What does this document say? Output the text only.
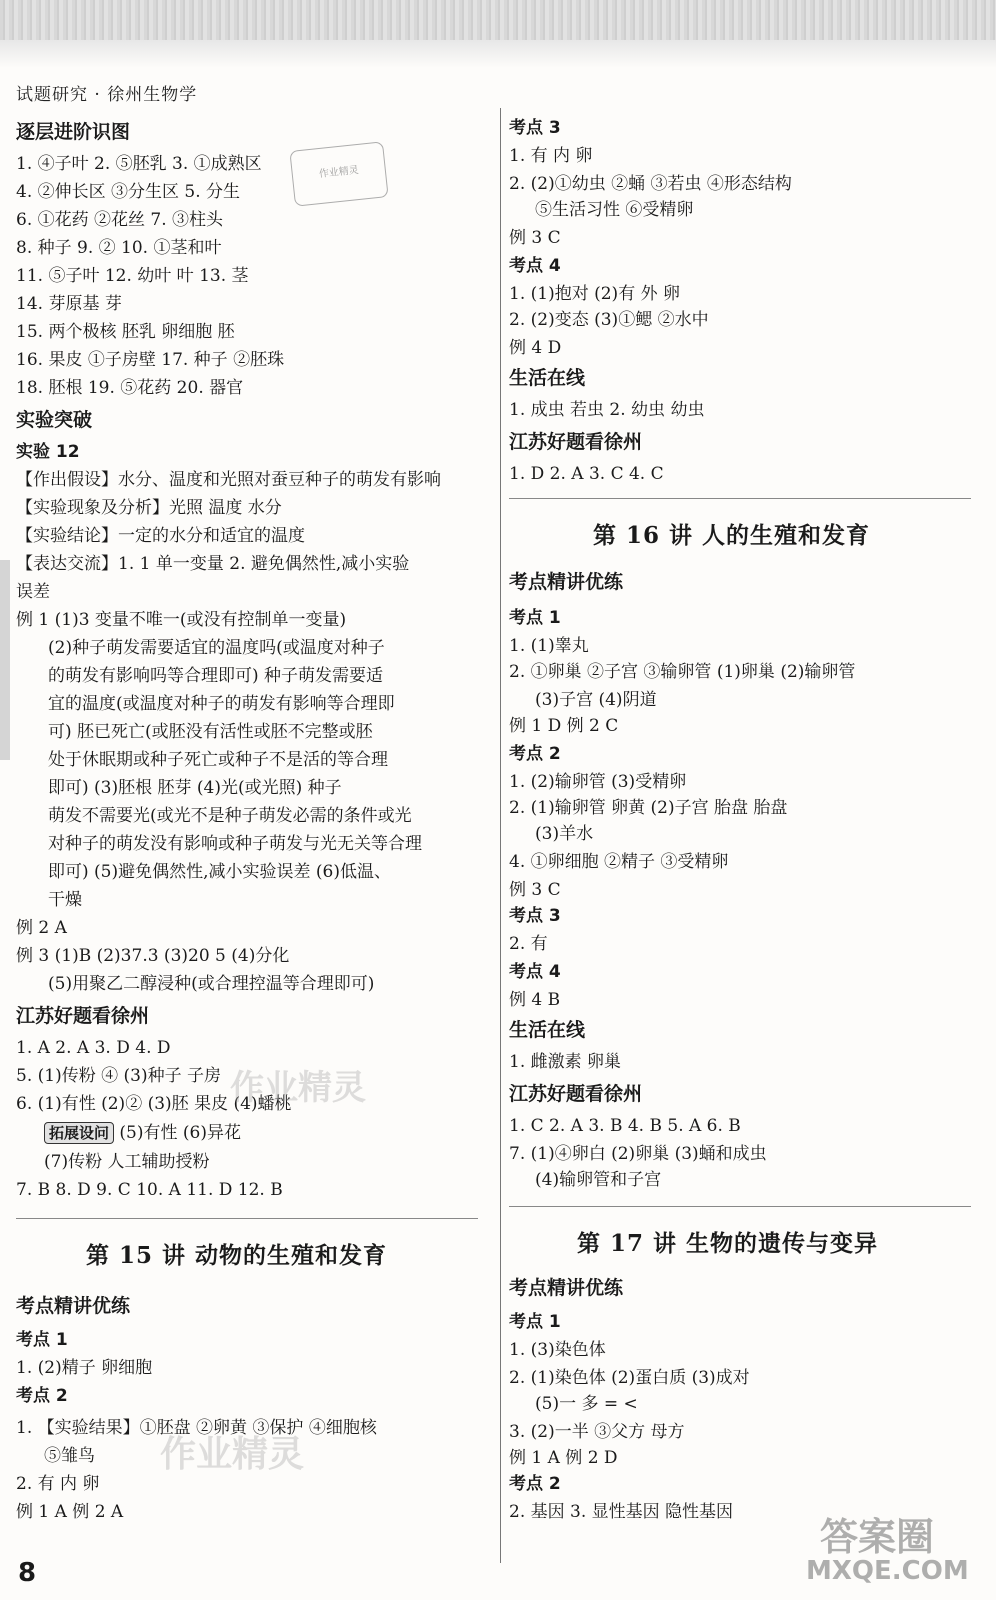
试题研究 · 徐州生物学
逐层进阶识图
1. ④子叶 2. ⑤胚乳 3. ①成熟区
4. ②伸长区 ③分生区 5. 分生
6. ①花药 ②花丝 7. ③柱头
8. 种子 9. ② 10. ①茎和叶
11. ⑤子叶 12. 幼叶 叶 13. 茎
14. 芽原基 芽
15. 两个极核 胚乳 卵细胞 胚
16. 果皮 ①子房壁 17. 种子 ②胚珠
18. 胚根 19. ⑤花药 20. 器官
实验突破
实验 12
【作出假设】水分、温度和光照对蚕豆种子的萌发有影响
【实验现象及分析】光照 温度 水分
【实验结论】一定的水分和适宜的温度
【表达交流】1. 1 单一变量 2. 避免偶然性,减小实验
误差
例 1 (1)3 变量不唯一(或没有控制单一变量)
(2)种子萌发需要适宜的温度吗(或温度对种子
的萌发有影响吗等合理即可) 种子萌发需要适
宜的温度(或温度对种子的萌发有影响等合理即
可) 胚已死亡(或胚没有活性或胚不完整或胚
处于休眠期或种子死亡或种子不是活的等合理
即可) (3)胚根 胚芽 (4)光(或光照) 种子
萌发不需要光(或光不是种子萌发必需的条件或光
对种子的萌发没有影响或种子萌发与光无关等合理
即可) (5)避免偶然性,减小实验误差 (6)低温、
干燥
例 2 A
例 3 (1)B (2)37.3 (3)20 5 (4)分化
(5)用聚乙二醇浸种(或合理控温等合理即可)
江苏好题看徐州
1. A 2. A 3. D 4. D
5. (1)传粉 ④ (3)种子 子房
6. (1)有性 (2)② (3)胚 果皮 (4)蟠桃
拓展设问 (5)有性 (6)异花
(7)传粉 人工辅助授粉
7. B 8. D 9. C 10. A 11. D 12. B
第 15 讲 动物的生殖和发育
考点精讲优练
考点 1
1. (2)精子 卵细胞
考点 2
1. 【实验结果】①胚盘 ②卵黄 ③保护 ④细胞核
⑤雏鸟
2. 有 内 卵
例 1 A 例 2 A
考点 3
1. 有 内 卵
2. (2)①幼虫 ②蛹 ③若虫 ④形态结构
⑤生活习性 ⑥受精卵
例 3 C
考点 4
1. (1)抱对 (2)有 外 卵
2. (2)变态 (3)①鳃 ②水中
例 4 D
生活在线
1. 成虫 若虫 2. 幼虫 幼虫
江苏好题看徐州
1. D 2. A 3. C 4. C
第 16 讲 人的生殖和发育
考点精讲优练
考点 1
1. (1)睾丸
2. ①卵巢 ②子宫 ③输卵管 (1)卵巢 (2)输卵管
(3)子宫 (4)阴道
例 1 D 例 2 C
考点 2
1. (2)输卵管 (3)受精卵
2. (1)输卵管 卵黄 (2)子宫 胎盘 胎盘
(3)羊水
4. ①卵细胞 ②精子 ③受精卵
例 3 C
考点 3
2. 有
考点 4
例 4 B
生活在线
1. 雌激素 卵巢
江苏好题看徐州
1. C 2. A 3. B 4. B 5. A 6. B
7. (1)④卵白 (2)卵巢 (3)蛹和成虫
(4)输卵管和子宫
第 17 讲 生物的遗传与变异
考点精讲优练
考点 1
1. (3)染色体
2. (1)染色体 (2)蛋白质 (3)成对
(5)一 多 = <
3. (2)一半 ③父方 母方
例 1 A 例 2 D
考点 2
2. 基因 3. 显性基因 隐性基因
作业精灵
作业精灵
作业精灵
答案圈
MXQE.COM
8
